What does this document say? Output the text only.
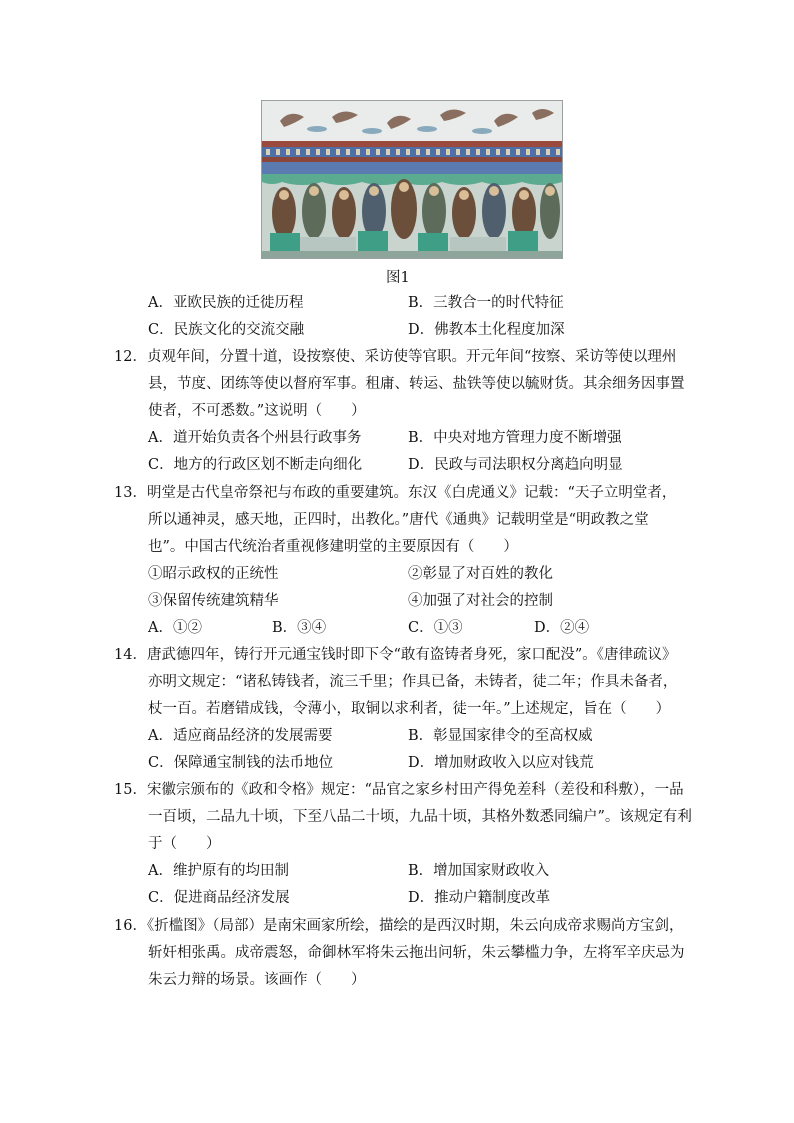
图1
A．亚欧民族的迁徙历程	B．三教合一的时代特征
C．民族文化的交流交融	D．佛教本土化程度加深
12．贞观年间，分置十道，设按察使、采访使等官职。开元年间“按察、采访等使以理州
县，节度、团练等使以督府军事。租庸、转运、盐铁等使以毓财货。其余细务因事置
使者，不可悉数。”这说明（　　）
A．道开始负责各个州县行政事务	B．中央对地方管理力度不断增强
C．地方的行政区划不断走向细化	D．民政与司法职权分离趋向明显
13．明堂是古代皇帝祭祀与布政的重要建筑。东汉《白虎通义》记载：“天子立明堂者，
所以通神灵，感天地，正四时，出教化。”唐代《通典》记载明堂是“明政教之堂
也”。中国古代统治者重视修建明堂的主要原因有（　　）
①昭示政权的正统性	②彰显了对百姓的教化
③保留传统建筑精华	④加强了对社会的控制
A．①②	B．③④	C．①③	D．②④
14．唐武德四年，铸行开元通宝钱时即下令“敢有盗铸者身死，家口配没”。《唐律疏议》
亦明文规定：“诸私铸钱者，流三千里；作具已备，未铸者，徒二年；作具未备者，
杖一百。若磨错成钱，令薄小，取铜以求利者，徒一年。”上述规定，旨在（　　）
A．适应商品经济的发展需要	B．彰显国家律令的至高权威
C．保障通宝制钱的法币地位	D．增加财政收入以应对钱荒
15．宋徽宗颁布的《政和令格》规定：“品官之家乡村田产得免差科（差役和科敷），一品
一百顷，二品九十顷，下至八品二十顷，九品十顷，其格外数悉同编户”。该规定有利
于（　　）
A．维护原有的均田制	B．增加国家财政收入
C．促进商品经济发展	D．推动户籍制度改革
16．《折槛图》（局部）是南宋画家所绘，描绘的是西汉时期，朱云向成帝求赐尚方宝剑，
斩奸相张禹。成帝震怒，命御林军将朱云拖出问斩，朱云攀槛力争，左将军辛庆忌为
朱云力辩的场景。该画作（　　）
